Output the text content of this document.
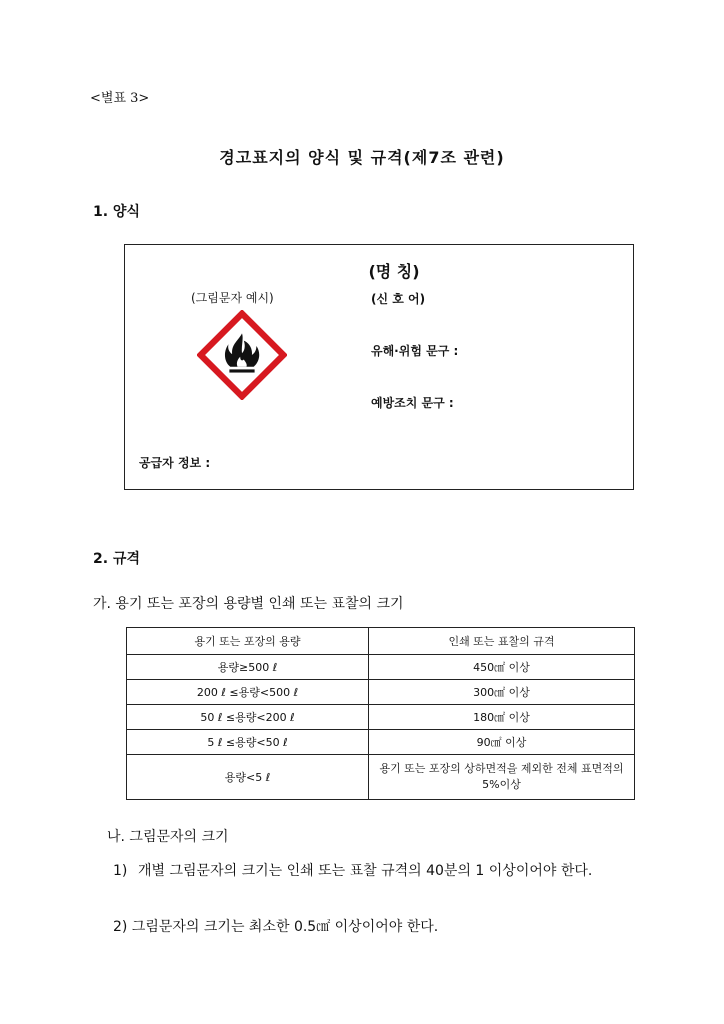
<별표 3>
경고표지의 양식 및 규격(제7조 관련)
1. 양식
(명 칭)
(그림문자 예시)	(신 호 어)
유해·위험 문구 :
예방조치 문구 :
공급자 정보 :
2. 규격
가. 용기 또는 포장의 용량별 인쇄 또는 표찰의 크기
용기 또는 포장의 용량	인쇄 또는 표찰의 규격
용량≥500 ℓ	450㎠ 이상
200 ℓ ≤용량<500 ℓ	300㎠ 이상
50 ℓ ≤용량<200 ℓ	180㎠ 이상
5 ℓ ≤용량<50 ℓ	90㎠ 이상
용량<5 ℓ	용기 또는 포장의 상하면적을 제외한 전체 표면적의 5%이상
나. 그림문자의 크기
1) 개별 그림문자의 크기는 인쇄 또는 표찰 규격의 40분의 1 이상이어야 한다.
2) 그림문자의 크기는 최소한 0.5㎠ 이상이어야 한다.
